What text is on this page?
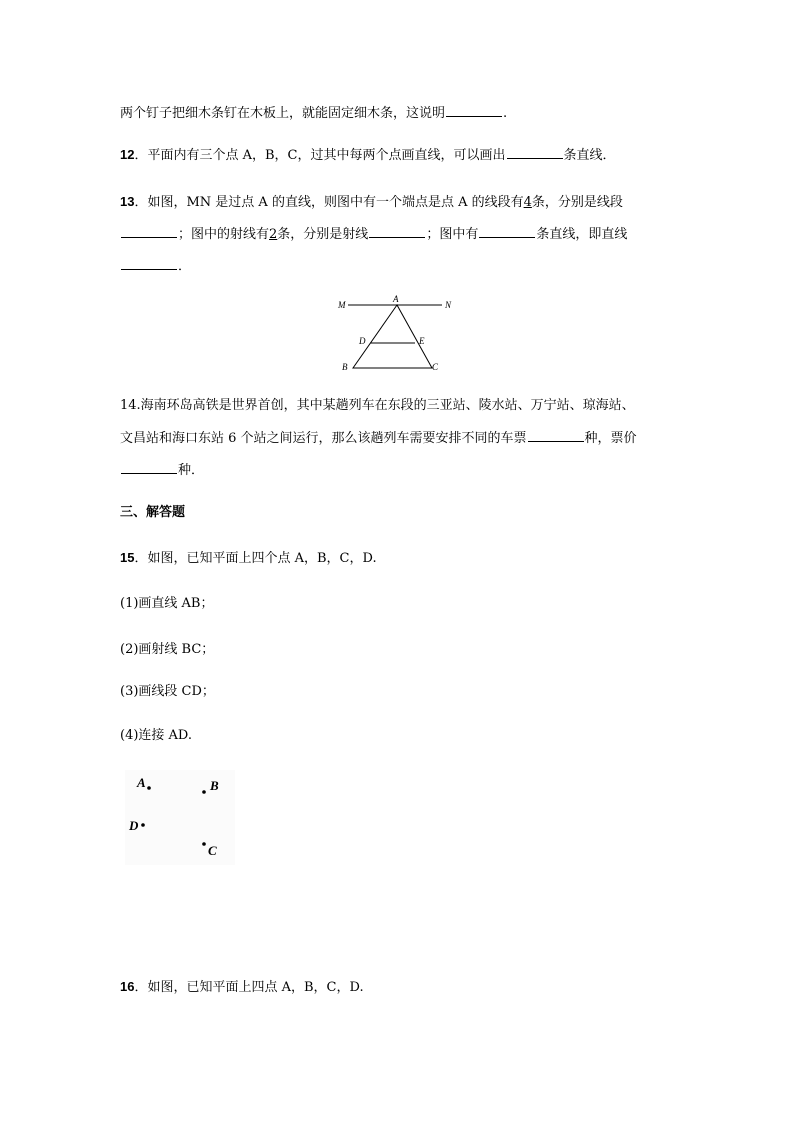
两个钉子把细木条钉在木板上，就能固定细木条，这说明	.
12．平面内有三个点 A，B，C，过其中每两个点画直线，可以画出	条直线．
13．如图，MN 是过点 A 的直线，则图中有一个端点是点 A 的线段有4条，分别是线段
；图中的射线有2条，分别是射线	；图中有	条直线，即直线
．
M
A
N
D	E
B	C
14.海南环岛高铁是世界首创，其中某趟列车在东段的三亚站、陵水站、万宁站、琼海站、
文昌站和海口东站 6 个站之间运行，那么该趟列车需要安排不同的车票	种，票价
种．
三、解答题
15．如图，已知平面上四个点 A，B，C，D.
(1)画直线 AB；
(2)画射线 BC；
(3)画线段 CD；
(4)连接 AD.
A	B
D
C
16．如图，已知平面上四点 A，B，C，D.
